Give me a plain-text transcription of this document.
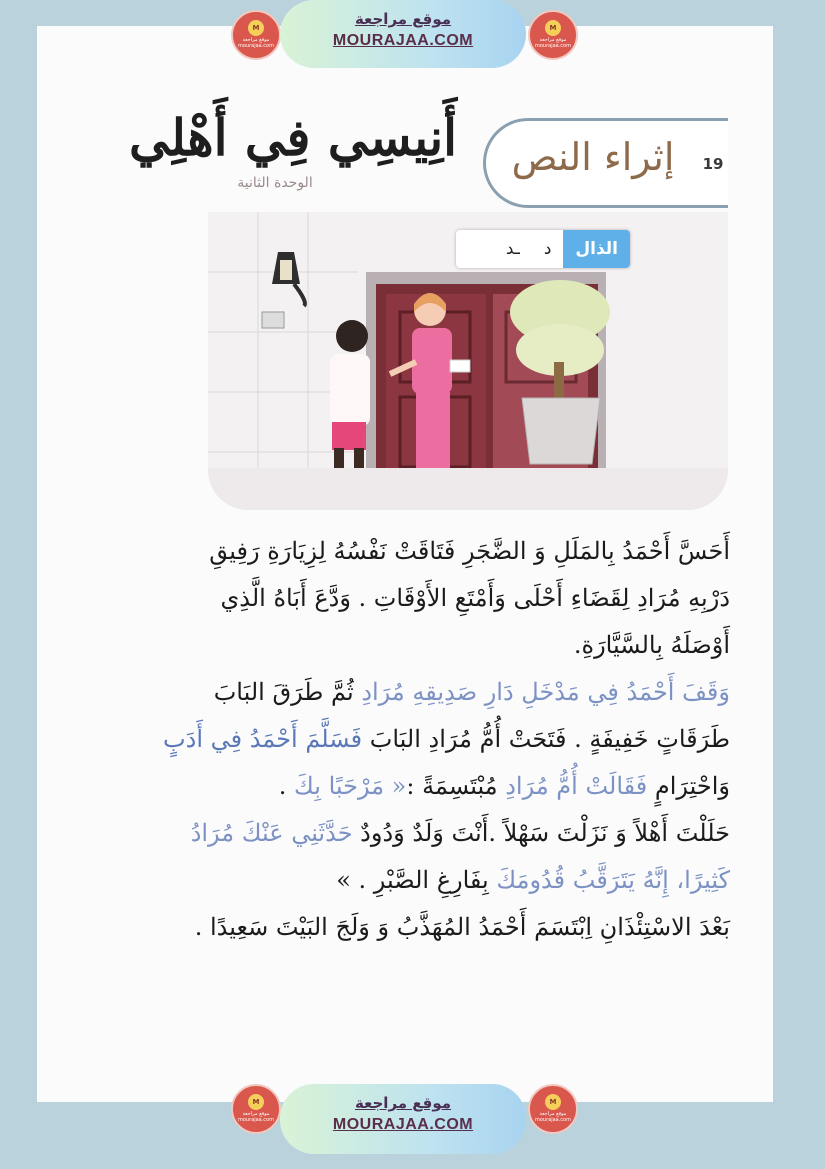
M
موقع مراجعة mourajaa.com
موقع مراجعة
MOURAJAA.COM
M
موقع مراجعة mourajaa.com
أَنِيسِي فِي أَهْلِي
الوحدة الثانية
إثراء النص	19
الذال
د
ـد
أَحَسَّ أَحْمَدُ بِالمَلَلِ وَ الضَّجَرِ فَتَاقَتْ نَفْسُهُ لِزِيَارَةِ رَفِيقِ
دَرْبِهِ مُرَادِ لِقَضَاءِ أَحْلَى وَأَمْتَعِ الأَوْقَاتِ . وَدَّعَ أَبَاهُ الَّذِي
أَوْصَلَهُ بِالسَّيَّارَةِ.
وَقَفَ أَحْمَدُ فِي مَدْخَلِ دَارِ صَدِيقِهِ مُرَادِ ثُمَّ طَرَقَ البَابَ
طَرَقَاتٍ خَفِيفَةٍ . فَتَحَتْ أُمُّ مُرَادِ البَابَ فَسَلَّمَ أَحْمَدُ فِي أَدَبٍ
وَاحْتِرَامٍ فَقَالَتْ أُمُّ مُرَادِ مُبْتَسِمَةً :« مَرْحَبًا بِكَ .
حَلَلْتَ أَهْلاً وَ نَزَلْتَ سَهْلاً .أَنْتَ وَلَدٌ وَدُودٌ حَدَّثَنِي عَنْكَ مُرَادُ
كَثِيرًا، إِنَّهُ يَتَرَقَّبُ قُدُومَكَ بِفَارِغِ الصَّبْرِ . »
بَعْدَ الاسْتِئْذَانِ اِبْتَسَمَ أَحْمَدُ المُهَذَّبُ وَ وَلَجَ البَيْتَ سَعِيدًا .
M
موقع مراجعة mourajaa.com
موقع مراجعة
MOURAJAA.COM
M
موقع مراجعة mourajaa.com
